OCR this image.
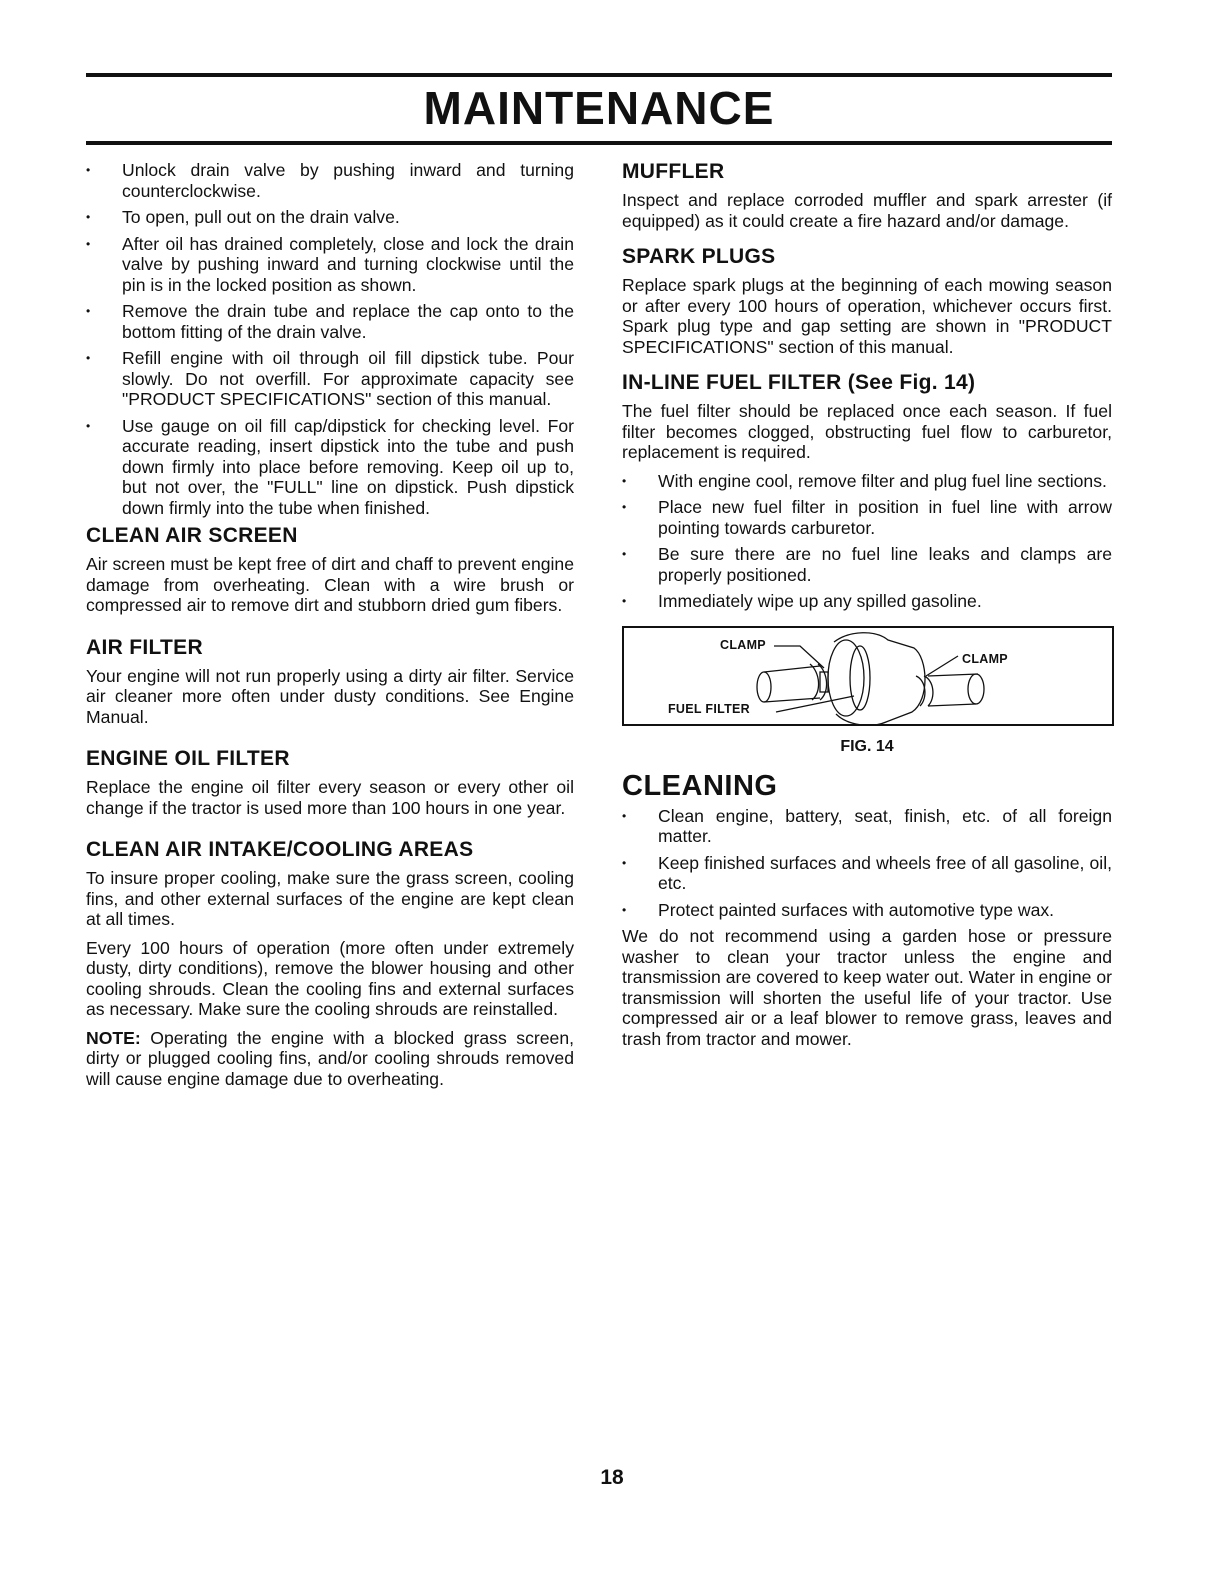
MAINTENANCE
• Unlock drain valve by pushing inward and turning counterclockwise.
• To open, pull out on the drain valve.
• After oil has drained completely, close and lock the drain valve by pushing inward and turning clockwise until the pin is in the locked position as shown.
• Remove the drain tube and replace the cap onto to the bottom fitting of the drain valve.
• Refill engine with oil through oil fill dipstick tube. Pour slowly. Do not overfill. For approximate capacity see "PRODUCT SPECIFICATIONS" section of this manual.
• Use gauge on oil fill cap/dipstick for checking level. For accurate reading, insert dipstick into the tube and push down firmly into place before removing. Keep oil up to, but not over, the "FULL" line on dipstick. Push dipstick down firmly into the tube when finished.
CLEAN AIR SCREEN

Air screen must be kept free of dirt and chaff to prevent engine damage from overheating. Clean with a wire brush or compressed air to remove dirt and stubborn dried gum fibers.

AIR FILTER

Your engine will not run properly using a dirty air filter. Service air cleaner more often under dusty conditions. See Engine Manual.

ENGINE OIL FILTER

Replace the engine oil filter every season or every other oil change if the tractor is used more than 100 hours in one year.

CLEAN AIR INTAKE/COOLING AREAS

To insure proper cooling, make sure the grass screen, cooling fins, and other external surfaces of the engine are kept clean at all times.

Every 100 hours of operation (more often under extremely dusty, dirty conditions), remove the blower housing and other cooling shrouds. Clean the cooling fins and external surfaces as necessary. Make sure the cooling shrouds are reinstalled.

NOTE: Operating the engine with a blocked grass screen, dirty or plugged cooling fins, and/or cooling shrouds removed will cause engine damage due to overheating.

MUFFLER

Inspect and replace corroded muffler and spark arrester (if equipped) as it could create a fire hazard and/or damage.

SPARK PLUGS

Replace spark plugs at the beginning of each mowing season or after every 100 hours of operation, whichever occurs first. Spark plug type and gap setting are shown in "PRODUCT SPECIFICATIONS" section of this manual.

IN-LINE FUEL FILTER (See Fig. 14)

The fuel filter should be replaced once each season. If fuel filter becomes clogged, obstructing fuel flow to carburetor, replacement is required.

• With engine cool, remove filter and plug fuel line sections.
• Place new fuel filter in position in fuel line with arrow pointing towards carburetor.
• Be sure there are no fuel line leaks and clamps are properly positioned.
• Immediately wipe up any spilled gasoline.
CLAMP
CLAMP
FUEL FILTER
FIG. 14
CLEANING
• Clean engine, battery, seat, finish, etc. of all foreign matter.
• Keep finished surfaces and wheels free of all gasoline, oil, etc.
• Protect painted surfaces with automotive type wax.

We do not recommend using a garden hose or pressure washer to clean your tractor unless the engine and transmission are covered to keep water out. Water in engine or transmission will shorten the useful life of your tractor. Use compressed air or a leaf blower to remove grass, leaves and trash from tractor and mower.

18
